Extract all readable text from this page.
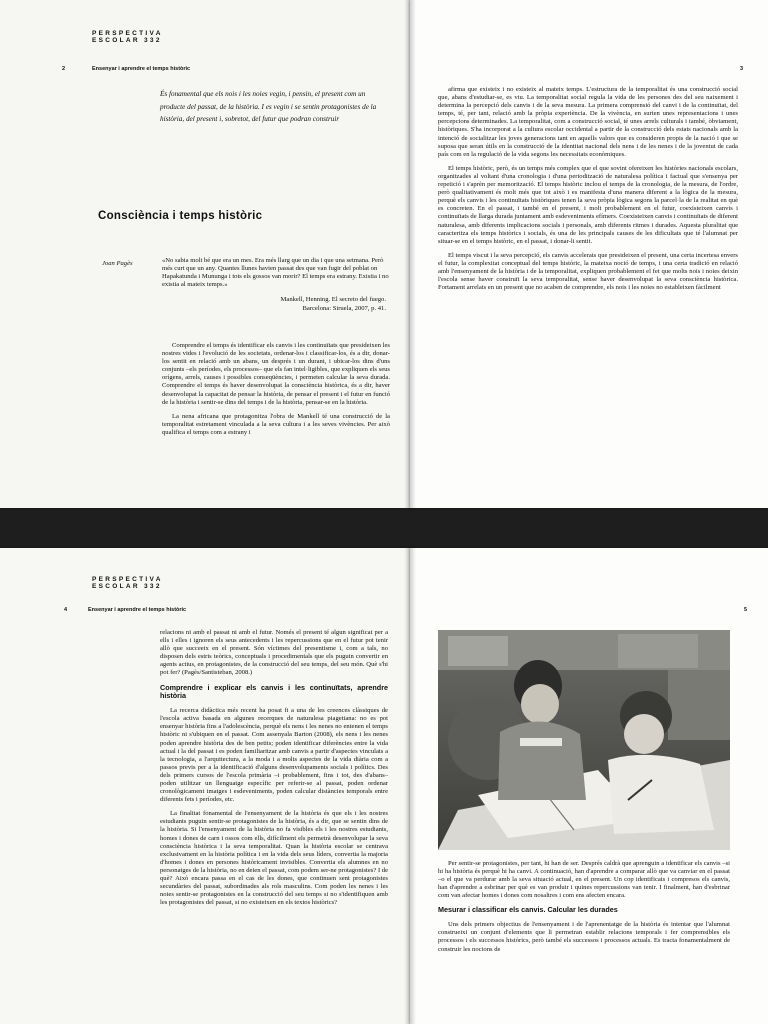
PERSPECTIVA
ESCOLAR 332
2	Ensenyar i aprendre el temps històric
És fonamental que els nois i les noies vegin, i pensin, el present com un producte del passat, de la història. I es vegin i se sentin protagonistes de la història, del present i, sobretot, del futur que podran construir
Consciència i temps històric
Joan Pagès	«No sabia molt bé que era un mes. Era més llarg que un dia i que una setmana. Però més curt que un any. Quantes llunes havien passat des que van fugir del poblat on Hapakatunda i Mununga i tots els gossos van morir? El temps era estrany. Existia i no existia al mateix temps.»
Mankell, Henning. El secreto del fuego.
Barcelona: Siruela, 2007, p. 41.

Comprendre el temps és identificar els canvis i les continuïtats que presideixen les nostres vides i l'evolució de les societats, ordenar-los i classificar-los, és a dir, donar-los sentit en relació amb un abans, un després i un durant, i ubicar-los dins d'uns conjunts –els períodes, els processos– que els fan intel·ligibles, que expliquen els seus orígens, arrels, causes i possibles conseqüències, i permeten calcular la seva durada. Comprendre el temps és haver desenvolupat la consciència històrica, és a dir, haver desenvolupat la capacitat de pensar la història, de pensar el present i el futur en funció de la història i sentir-se dins del temps i de la història, pensar-se en la història.

La nena africana que protagonitza l'obra de Mankell té una construcció de la temporalitat estretament vinculada a la seva cultura i a les seves vivències. Per això qualifica el temps com a estrany i

3

afirma que existeix i no existeix al mateix temps. L'estructura de la temporalitat és una construcció social que, abans d'estudiar-se, es viu. La temporalitat social regula la vida de les persones des del seu naixement i determina la percepció dels canvis i de la seva mesura. La primera comprensió del canvi i de la continuïtat, del temps, té, per tant, relació amb la pròpia experiència. De la vivència, en surten unes representacions i unes percepcions determinades. La temporalitat, com a construcció social, té unes arrels culturals i també, òbviament, històriques. S'ha incorporat a la cultura escolar occidental a partir de la construcció dels estats nacionals amb la intenció de socialitzar les joves generacions tant en aquells valors que es consideren propis de la nació i que se suposa que seran útils en la construcció de la identitat nacional dels nens i de les nenes i de la joventut de cada país com en la regulació de la vida segons les necessitats econòmiques.

El temps històric, però, és un temps més complex que el que sovint ofereixen les històries nacionals escolars, organitzades al voltant d'una cronologia i d'una periodització de naturalesa política i factual que s'ensenya per repetició i s'aprèn per memorització. El temps històric inclou el temps de la cronologia, de la mesura, de l'ordre, però qualitativament és molt més que tot això i es manifesta d'una manera diferent a la lògica de la mesura, perquè els canvis i les continuïtats històriques tenen la seva pròpia lògica segons la parcel·la de la realitat en què es concreten. En el passat, i també en el present, i molt probablement en el futur, coexisteixen canvis i continuïtats de llarga durada juntament amb esdeveniments efímers. Coexisteixen canvis i continuïtats de diferent naturalesa, amb diferents implicacions socials i personals, amb diferents ritmes i durades. Aquesta pluralitat que caracteritza els temps històrics i socials, és una de les principals causes de les dificultats que té l'alumnat per situar-se en el temps històric, en el passat, i donar-li sentit.

El temps viscut i la seva percepció, els canvis accelerats que presideixen el present, una certa incertesa envers el futur, la complexitat conceptual del temps històric, la mateixa noció de temps, i una certa tradició en relació amb l'ensenyament de la història i de la temporalitat, expliquen probablement el fet que molts nois i noies deixin l'escola sense haver construït la seva temporalitat, sense haver desenvolupat la seva consciència històrica. Fortament arrelats en un present que no acaben de comprendre, els nois i les noies no estableixen fàcilment

PERSPECTIVA
ESCOLAR 332
4	Ensenyar i aprendre el temps històric

relacions ni amb el passat ni amb el futur. Només el present té algun significat per a ells i elles i ignoren els seus antecedents i les repercussions que en el futur pot tenir allò que succeeix en el present. Són víctimes del presentisme i, com a tals, no disposen dels estris teòrics, conceptuals i procedimentals que els puguin convertir en agents actius, en protagonistes, de la construcció del seu temps, del seu món. Què s'hi pot fer? (Pagès/Santisteban, 2008.)

Comprendre i explicar els canvis i les continuïtats, aprendre història

La recerca didàctica més recent ha posat fi a una de les creences clàssiques de l'escola activa basada en algunes recerques de naturalesa piagetiana: no es pot ensenyar història fins a l'adolescència, perquè els nens i les nenes no entenen el temps històric ni s'ubiquen en el passat. Com assenyala Barton (2008), els nens i les nenes poden aprendre història des de ben petits; poden identificar diferències entre la vida actual i la del passat i es poden familiaritzar amb canvis a partir d'aspectes vinculats a la tecnologia, a l'arquitectura, a la moda i a molts aspectes de la vida diària com a passos previs per a la identificació d'alguns desenvolupaments socials i polítics. Des dels primers cursos de l'escola primària –i probablement, fins i tot, des d'abans– poden utilitzar un llenguatge específic per referir-se al passat, poden ordenar cronològicament imatges i esdeveniments, poden calcular distàncies temporals entre diferents fets i períodes, etc.

La finalitat fonamental de l'ensenyament de la història és que els i les nostres estudiants puguin sentir-se protagonistes de la història, és a dir, que se sentin dins de la història. Si l'ensenyament de la història no fa visibles els i les nostres estudiants, homes i dones de carn i ossos com ells, difícilment els permetrà desenvolupar la seva consciència històrica i la seva temporalitat. Quan la història escolar se centrava exclusivament en la història política i en la vida dels seus líders, convertia la majoria d'homes i dones en persones històricament invisibles. Convertia els alumnes en no personatges de la història, no en deien el passat, com podem ser-ne protagonistes? I de què? Això encara passa en el cas de les dones, que continuen sent protagonistes secundàries del passat, subordinades als rols masculins. Com poden les nenes i les noies sentir-se protagonistes en la construcció del seu temps si no s'identifiquen amb les protagonistes del passat, si no existeixen en els textos històrics?

5

Per sentir-se protagonistes, per tant, hi han de ser. Després caldrà que aprenguin a identificar els canvis –si hi ha història és perquè hi ha canvi. A continuació, han d'aprendre a comparar allò que va canviar en el passat –o el que va perdurar amb la seva situació actual, en el present. Un cop identificats i compresos els canvis, han d'aprendre a esbrinar per què es van produir i quines repercussions van tenir. I finalment, han d'esbrinar com van afectar homes i dones com nosaltres i com ens afecten encara.

Mesurar i classificar els canvis. Calcular les durades

Uns dels primers objectius de l'ensenyament i de l'aprenentatge de la història és intentar que l'alumnat construeixi un conjunt d'elements que li permetran establir relacions temporals i fer comprensibles els processos i els successos històrics, però també els successos i processos actuals. Es tracta fonamentalment de construir les nocions de
